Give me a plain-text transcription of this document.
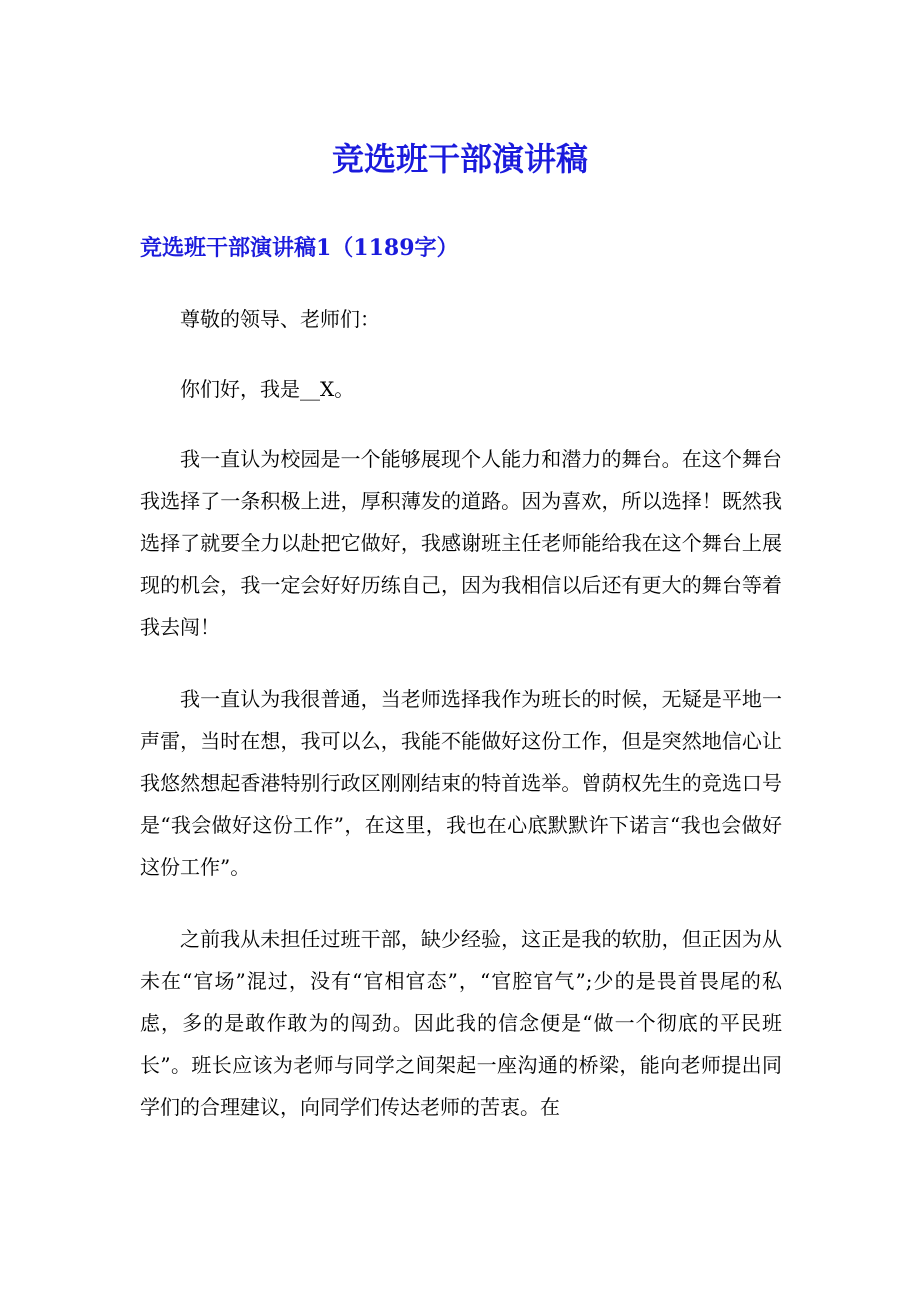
竞选班干部演讲稿
竞选班干部演讲稿1（1189字）

尊敬的领导、老师们：

你们好，我是__X。

我一直认为校园是一个能够展现个人能力和潜力的舞台。在这个舞台我选择了一条积极上进，厚积薄发的道路。因为喜欢，所以选择！既然我选择了就要全力以赴把它做好，我感谢班主任老师能给我在这个舞台上展现的机会，我一定会好好历练自己，因为我相信以后还有更大的舞台等着我去闯！

我一直认为我很普通，当老师选择我作为班长的时候，无疑是平地一声雷，当时在想，我可以么，我能不能做好这份工作，但是突然地信心让我悠然想起香港特别行政区刚刚结束的特首选举。曾荫权先生的竞选口号是“我会做好这份工作”，在这里，我也在心底默默许下诺言“我也会做好这份工作”。

之前我从未担任过班干部，缺少经验，这正是我的软肋，但正因为从未在“官场”混过，没有“官相官态”，“官腔官气”;少的是畏首畏尾的私虑，多的是敢作敢为的闯劲。因此我的信念便是“做一个彻底的平民班长”。班长应该为老师与同学之间架起一座沟通的桥梁，能向老师提出同学们的合理建议，向同学们传达老师的苦衷。在
